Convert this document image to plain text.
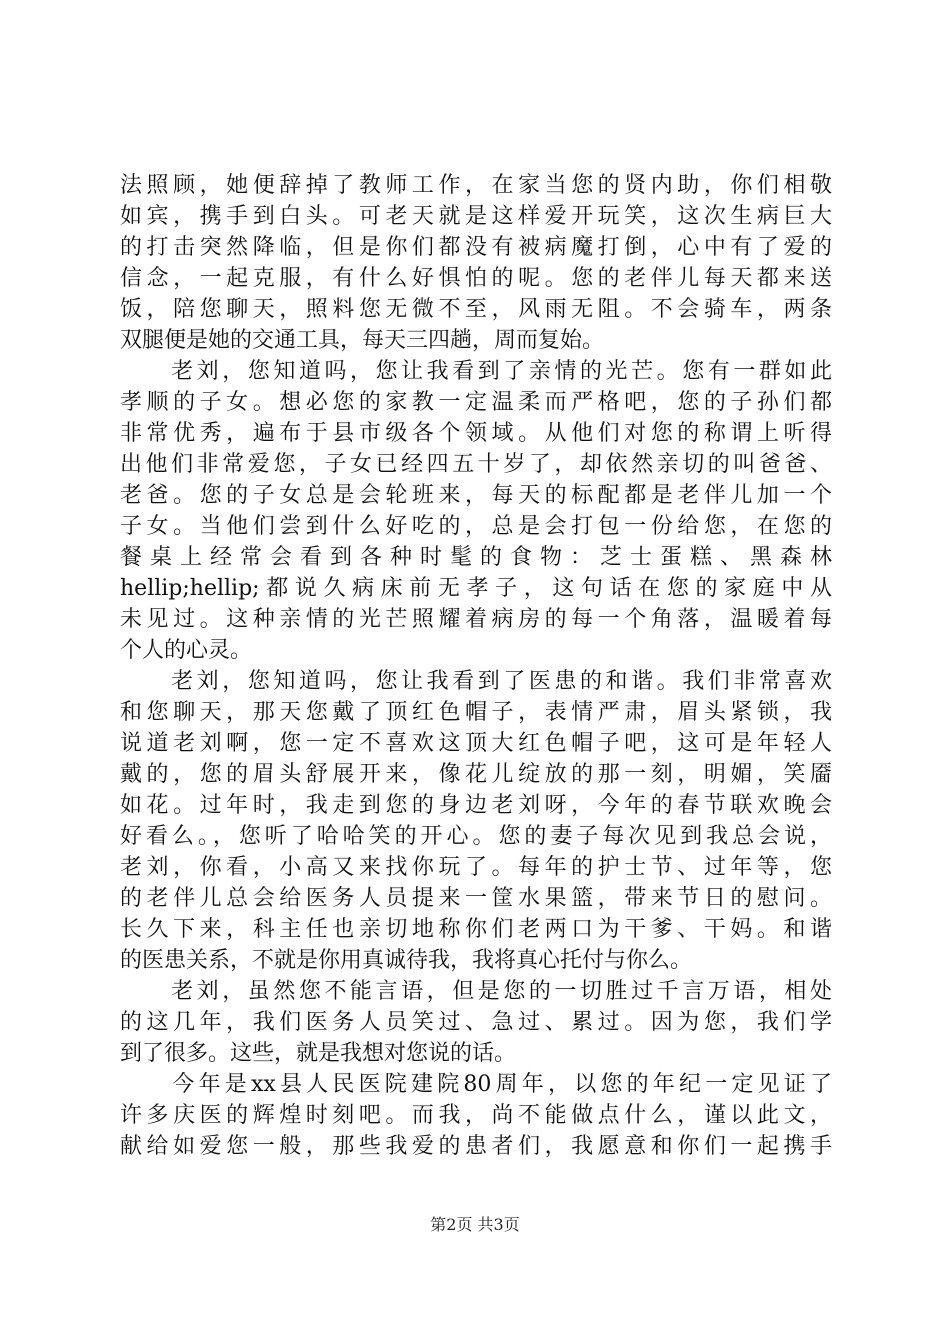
法照顾，她便辞掉了教师工作，在家当您的贤内助，你们相敬
如宾，携手到白头。可老天就是这样爱开玩笑，这次生病巨大
的打击突然降临，但是你们都没有被病魔打倒，心中有了爱的
信念，一起克服，有什么好惧怕的呢。您的老伴儿每天都来送
饭，陪您聊天，照料您无微不至，风雨无阻。不会骑车，两条
双腿便是她的交通工具，每天三四趟，周而复始。
　　老刘，您知道吗，您让我看到了亲情的光芒。您有一群如此
孝顺的子女。想必您的家教一定温柔而严格吧，您的子孙们都
非常优秀，遍布于县市级各个领域。从他们对您的称谓上听得
出他们非常爱您，子女已经四五十岁了，却依然亲切的叫爸爸、
老爸。您的子女总是会轮班来，每天的标配都是老伴儿加一个
子女。当他们尝到什么好吃的，总是会打包一份给您，在您的
餐桌上经常会看到各种时髦的食物：芝士蛋糕、黑森林
hellip;hellip;都说久病床前无孝子，这句话在您的家庭中从
未见过。这种亲情的光芒照耀着病房的每一个角落，温暖着每
个人的心灵。
　　老刘，您知道吗，您让我看到了医患的和谐。我们非常喜欢
和您聊天，那天您戴了顶红色帽子，表情严肃，眉头紧锁，我
说道老刘啊，您一定不喜欢这顶大红色帽子吧，这可是年轻人
戴的，您的眉头舒展开来，像花儿绽放的那一刻，明媚，笑靥
如花。过年时，我走到您的身边老刘呀，今年的春节联欢晚会
好看么。，您听了哈哈笑的开心。您的妻子每次见到我总会说，
老刘，你看，小高又来找你玩了。每年的护士节、过年等，您
的老伴儿总会给医务人员提来一筐水果篮，带来节日的慰问。
长久下来，科主任也亲切地称你们老两口为干爹、干妈。和谐
的医患关系，不就是你用真诚待我，我将真心托付与你么。
　　老刘，虽然您不能言语，但是您的一切胜过千言万语，相处
的这几年，我们医务人员笑过、急过、累过。因为您，我们学
到了很多。这些，就是我想对您说的话。
　　今年是xx县人民医院建院80周年，以您的年纪一定见证了
许多庆医的辉煌时刻吧。而我，尚不能做点什么，谨以此文，
献给如爱您一般，那些我爱的患者们，我愿意和你们一起携手
第2页 共3页
